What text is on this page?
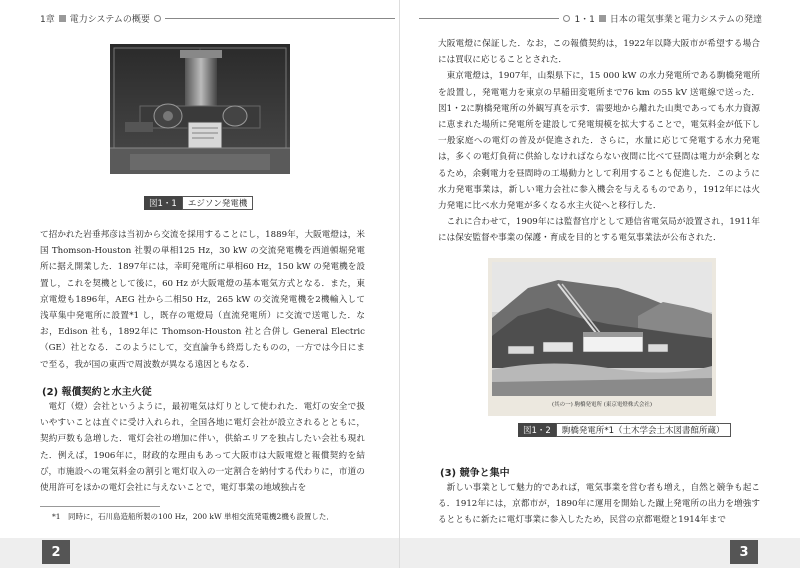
1章 電力システムの概要
図1・1	エジソン発電機

て招かれた岩垂邦彦は当初から交流を採用することにし，1889年，大阪電燈は，米国 Thomson-Houston 社製の単相125 Hz，30 kW の交流発電機を西道頓堀発電所に据え開業した．1897年には，幸町発電所に単相60 Hz，150 kW の発電機を設置し，これを契機として後に，60 Hz が大阪電燈の基本電気方式となる．また，東京電燈も1896年，AEG 社から二相50 Hz，265 kW の交流発電機を2機輸入して浅草集中発電所に設置*1 し，既存の電燈局（直流発電所）に交流で送電した．なお，Edison 社も，1892年に Thomson-Houston 社と合併し General Electric（GE）社となる．このようにして，交直論争も終焉したものの，一方では今日にまで至る，我が国の東西で周波数が異なる遠因ともなる．

(2) 報償契約と水主火従

電灯（燈）会社というように，最初電気は灯りとして使われた．電灯の安全で扱いやすいことは直ぐに受け入れられ，全国各地に電灯会社が設立されるとともに，契約戸数も急増した．電灯会社の増加に伴い，供給エリアを独占したい会社も現れた．例えば，1906年に，財政的な理由もあって大阪市は大阪電燈と報償契約を結び，市施設への電気料金の割引と電灯収入の一定割合を納付する代わりに，市道の使用許可をほかの電灯会社に与えないことで，電灯事業の地域独占を

*1　同時に，石川島造船所製の100 Hz，200 kW 単相交流発電機2機も設置した．
2
1・1 日本の電気事業と電力システムの発達

大阪電燈に保証した．なお，この報償契約は，1922年以降大阪市が希望する場合には買収に応じることとされた．

東京電燈は，1907年，山梨県下に，15 000 kW の水力発電所である駒橋発電所を設置し，発電電力を東京の早稲田変電所まで76 km の55 kV 送電線で送った．図1・2に駒橋発電所の外観写真を示す．需要地から離れた山奥であっても水力資源に恵まれた場所に発電所を建設して発電規模を拡大することで，電気料金が低下し一般家庭への電灯の普及が促進された．さらに，水量に応じて発電する水力発電は，多くの電灯負荷に供給しなければならない夜間に比べて昼間は電力が余剰となるため，余剰電力を昼間時の工場動力として利用することも促進した．このように水力発電事業は，新しい電力会社に参入機会を与えるものであり，1912年には火力発電に比べ水力発電が多くなる水主火従へと移行した．

これに合わせて，1909年には監督官庁として逓信省電気局が設置され，1911年には保安監督や事業の保護・育成を目的とする電気事業法が公布された．

(其の一) 駒橋発電所 (東京電燈株式会社)
図1・2	駒橋発電所*1（土木学会土木図書館所蔵）
(3) 競争と集中

新しい事業として魅力的であれば，電気事業を営む者も増え，自然と競争も起こる．1912年には，京都市が，1890年に運用を開始した蹴上発電所の出力を増強するとともに新たに電灯事業に参入したため，民営の京都電燈と1914年まで

3
